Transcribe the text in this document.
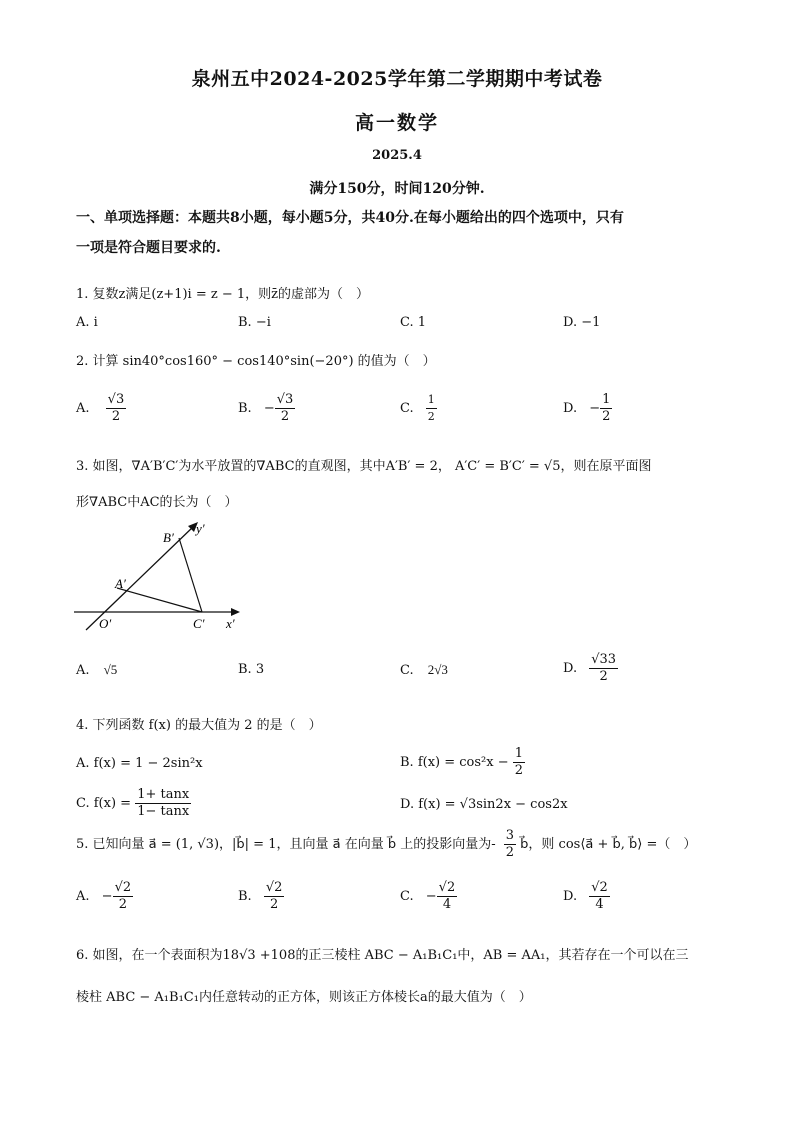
泉州五中2024-2025学年第二学期期中考试卷
高一数学
2025.4
满分150分，时间120分钟.
一、单项选择题：本题共8小题，每小题5分，共40分.在每小题给出的四个选项中，只有
一项是符合题目要求的.
1. 复数z满足(z+1)i = z − 1，则z̄的虚部为（　）
A. i	B. −i	C. 1	D. −1
2. 计算 sin40°cos160° − cos140°sin(−20°) 的值为（　）
A. $\frac{√3}{2}$	B. − $\frac{√3}{2}$	C. $\frac{1}{2}$	D. − $\frac{1}{2}$
3. 如图，∇A′B′C′为水平放置的∇ABC的直观图，其中A′B′ = 2， A′C′ = B′C′ = √5，则在原平面图
形∇ABC中AC的长为（　）
B′
y′
A′
O′	C′ x′
A. √5	B. 3	C. 2√3	D. $\frac{√33}{2}$
4. 下列函数 f(x) 的最大值为 2 的是（　）
A. f(x) = 1 − 2sin²x	B. $f(x) = \cos^2x - \frac{1}{2}$
C. $f(x) = \frac{1+ \tan x}{1- \tan x}$	D. f(x) = √3sin2x − cos2x
5. 已知向量 a⃗ = (1, √3)，|b⃗| = 1，且向量 a⃗ 在向量 b⃗ 上的投影向量为- $\frac{3}{2}$ b⃗，则 cos⟨a⃗ + b⃗, b⃗⟩ =（　）
A. − $\frac{√2}{2}$	B. $\frac{√2}{2}$	C. − $\frac{√2}{4}$	D. $\frac{√2}{4}$
6. 如图，在一个表面积为18√3 +108的正三棱柱 ABC − A₁B₁C₁中，AB = AA₁，其若存在一个可以在三
棱柱 ABC − A₁B₁C₁内任意转动的正方体，则该正方体棱长a的最大值为（　）
